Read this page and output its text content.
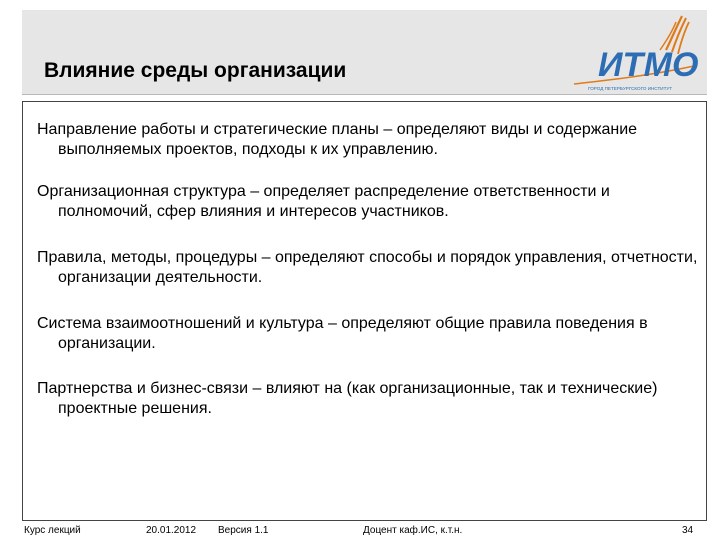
Влияние среды организации	ИТМО
ГОРОД ПЕТЕРБУРГСКОГО ИНСТИТУТ
Направление работы и стратегические планы – определяют виды и содержание выполняемых проектов, подходы к их управлению.
Организационная структура – определяет распределение ответственности и полномочий, сфер влияния и интересов участников.
Правила, методы, процедуры – определяют способы и порядок управления, отчетности, организации деятельности.
Система взаимоотношений и культура – определяют общие правила поведения в организации.
Партнерства и бизнес-связи – влияют на (как организационные, так и технические) проектные решения.
Курс лекций	20.01.2012 Версия 1.1	Доцент каф.ИС, к.т.н.	34
